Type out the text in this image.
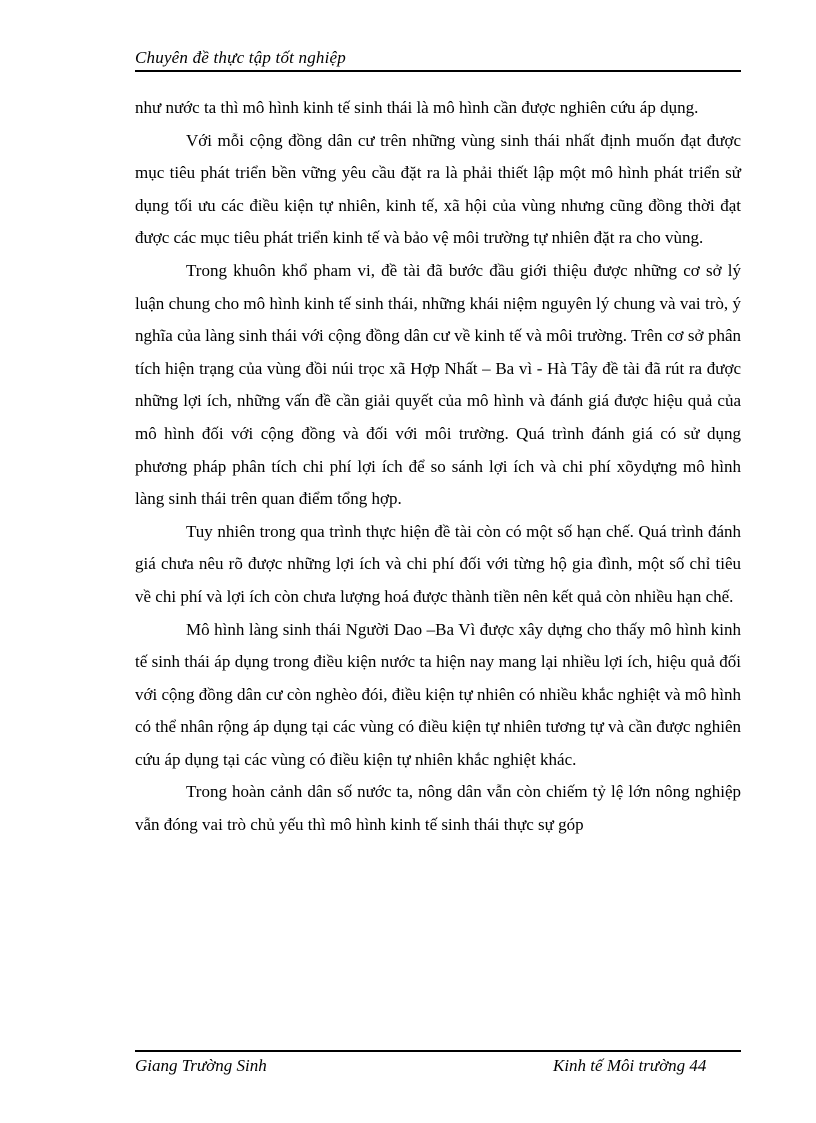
Chuyên đề thực tập tốt nghiệp

như nước ta thì mô hình kinh tế sinh thái là mô hình cần được nghiên cứu áp dụng.

Với mỗi cộng đồng dân cư trên những vùng sinh thái nhất định muốn đạt được mục tiêu phát triển bền vững yêu cầu đặt ra là phải thiết lập một mô hình phát triển sử dụng tối ưu các điều kiện tự nhiên, kinh tế, xã hội của vùng nhưng cũng đồng thời đạt được các mục tiêu phát triển kinh tế và bảo vệ môi trường tự nhiên đặt ra cho vùng.

Trong khuôn khổ pham vi, đề tài đã bước đầu giới thiệu được những cơ sở lý luận chung cho mô hình kinh tế sinh thái, những khái niệm nguyên lý chung và vai trò, ý nghĩa của làng sinh thái với cộng đồng dân cư về kinh tế và môi trường. Trên cơ sở phân tích hiện trạng của vùng đồi núi trọc xã Hợp Nhất – Ba vì - Hà Tây đề tài đã rút ra được những lợi ích, những vấn đề cần giải quyết của mô hình và đánh giá được hiệu quả của mô hình đối với cộng đồng và đối với môi trường. Quá trình đánh giá có sử dụng phương pháp phân tích chi phí lợi ích để so sánh lợi ích và chi phí xõydựng mô hình làng sinh thái trên quan điểm tổng hợp.

Tuy nhiên trong qua trình thực hiện đề tài còn có một số hạn chế. Quá trình đánh giá chưa nêu rõ được những lợi ích và chi phí đối với từng hộ gia đình, một số chỉ tiêu về chi phí và lợi ích còn chưa lượng hoá được thành tiền nên kết quả còn nhiều hạn chế.

Mô hình làng sinh thái Người Dao –Ba Vì được xây dựng cho thấy mô hình kinh tế sinh thái áp dụng trong điều kiện nước ta hiện nay mang lại nhiều lợi ích, hiệu quả đối với cộng đồng dân cư còn nghèo đói, điều kiện tự nhiên có nhiều khắc nghiệt và mô hình có thể nhân rộng áp dụng tại các vùng có điều kiện tự nhiên tương tự và cần được nghiên cứu áp dụng tại các vùng có điều kiện tự nhiên khắc nghiệt khác.

Trong hoàn cảnh dân số nước ta, nông dân vẫn còn chiếm tỷ lệ lớn nông nghiệp vẫn đóng vai trò chủ yếu thì mô hình kinh tế sinh thái thực sự góp

Giang Trường Sinh	Kinh tế Môi trường 44
